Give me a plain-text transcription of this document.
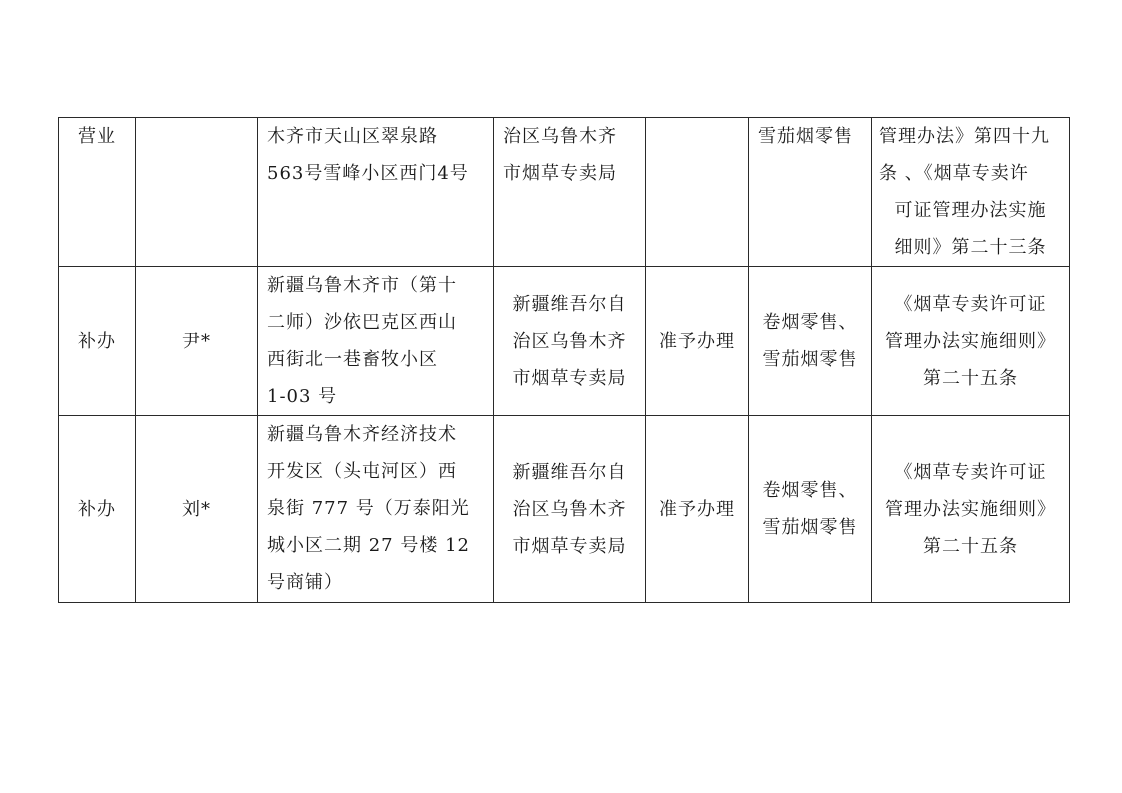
营业		木齐市天山区翠泉路
563号雪峰小区西门4号	治区乌鲁木齐
市烟草专卖局		雪茄烟零售	管理办法》第四十九
条 、《烟草专卖许
可证管理办法实施
细则》第二十三条

补办	尹*	新疆乌鲁木齐市（第十
二师）沙依巴克区西山
西街北一巷畜牧小区
1-03 号	新疆维吾尔自
治区乌鲁木齐
市烟草专卖局	准予办理	卷烟零售、
雪茄烟零售	《烟草专卖许可证
管理办法实施细则》
第二十五条

补办	刘*	新疆乌鲁木齐经济技术
开发区（头屯河区）西
泉街 777 号（万泰阳光
城小区二期 27 号楼 12
号商铺）	新疆维吾尔自
治区乌鲁木齐
市烟草专卖局	准予办理	卷烟零售、
雪茄烟零售	《烟草专卖许可证
管理办法实施细则》
第二十五条
